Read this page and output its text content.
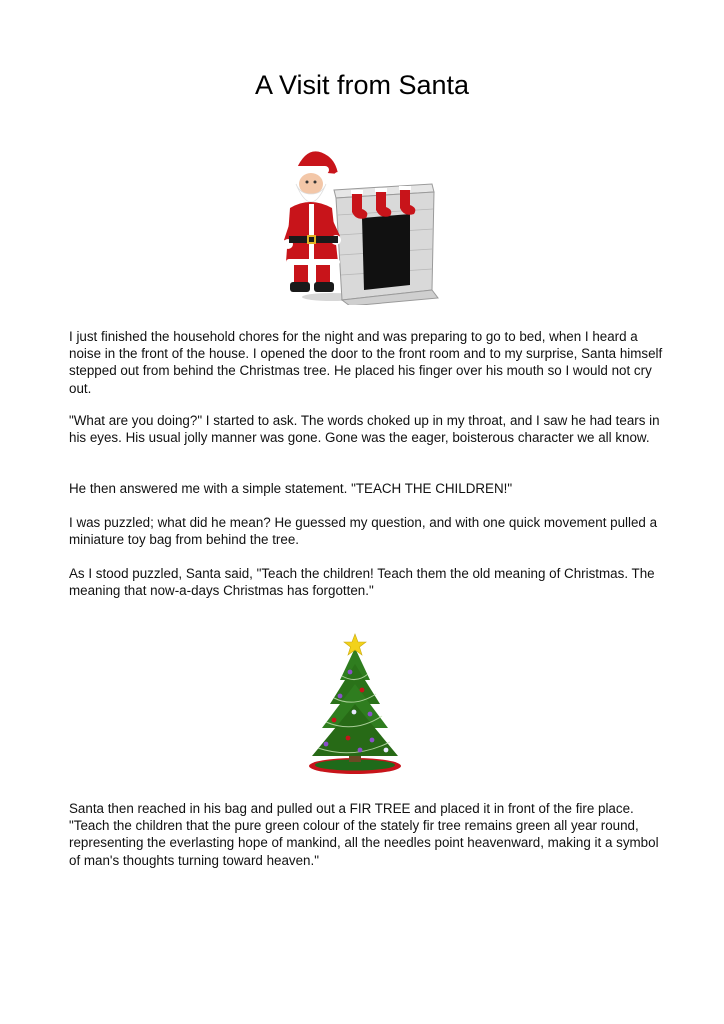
A Visit from Santa

I just finished the household chores for the night and was preparing to go to bed, when I heard a noise in the front of the house. I opened the door to the front room and to my surprise, Santa himself stepped out from behind the Christmas tree. He placed his finger over his mouth so I would not cry out.

"What are you doing?" I started to ask. The words choked up in my throat, and I saw he had tears in his eyes. His usual jolly manner was gone. Gone was the eager, boisterous character we all know.

He then answered me with a simple statement. "TEACH THE CHILDREN!"

I was puzzled; what did he mean? He guessed my question, and with one quick movement pulled a miniature toy bag from behind the tree.

As I stood puzzled, Santa said, "Teach the children! Teach them the old meaning of Christmas. The meaning that now-a-days Christmas has forgotten."

Santa then reached in his bag and pulled out a FIR TREE and placed it in front of the fire place. "Teach the children that the pure green colour of the stately fir tree remains green all year round, representing the everlasting hope of mankind, all the needles point heavenward, making it a symbol of man's thoughts turning toward heaven."
